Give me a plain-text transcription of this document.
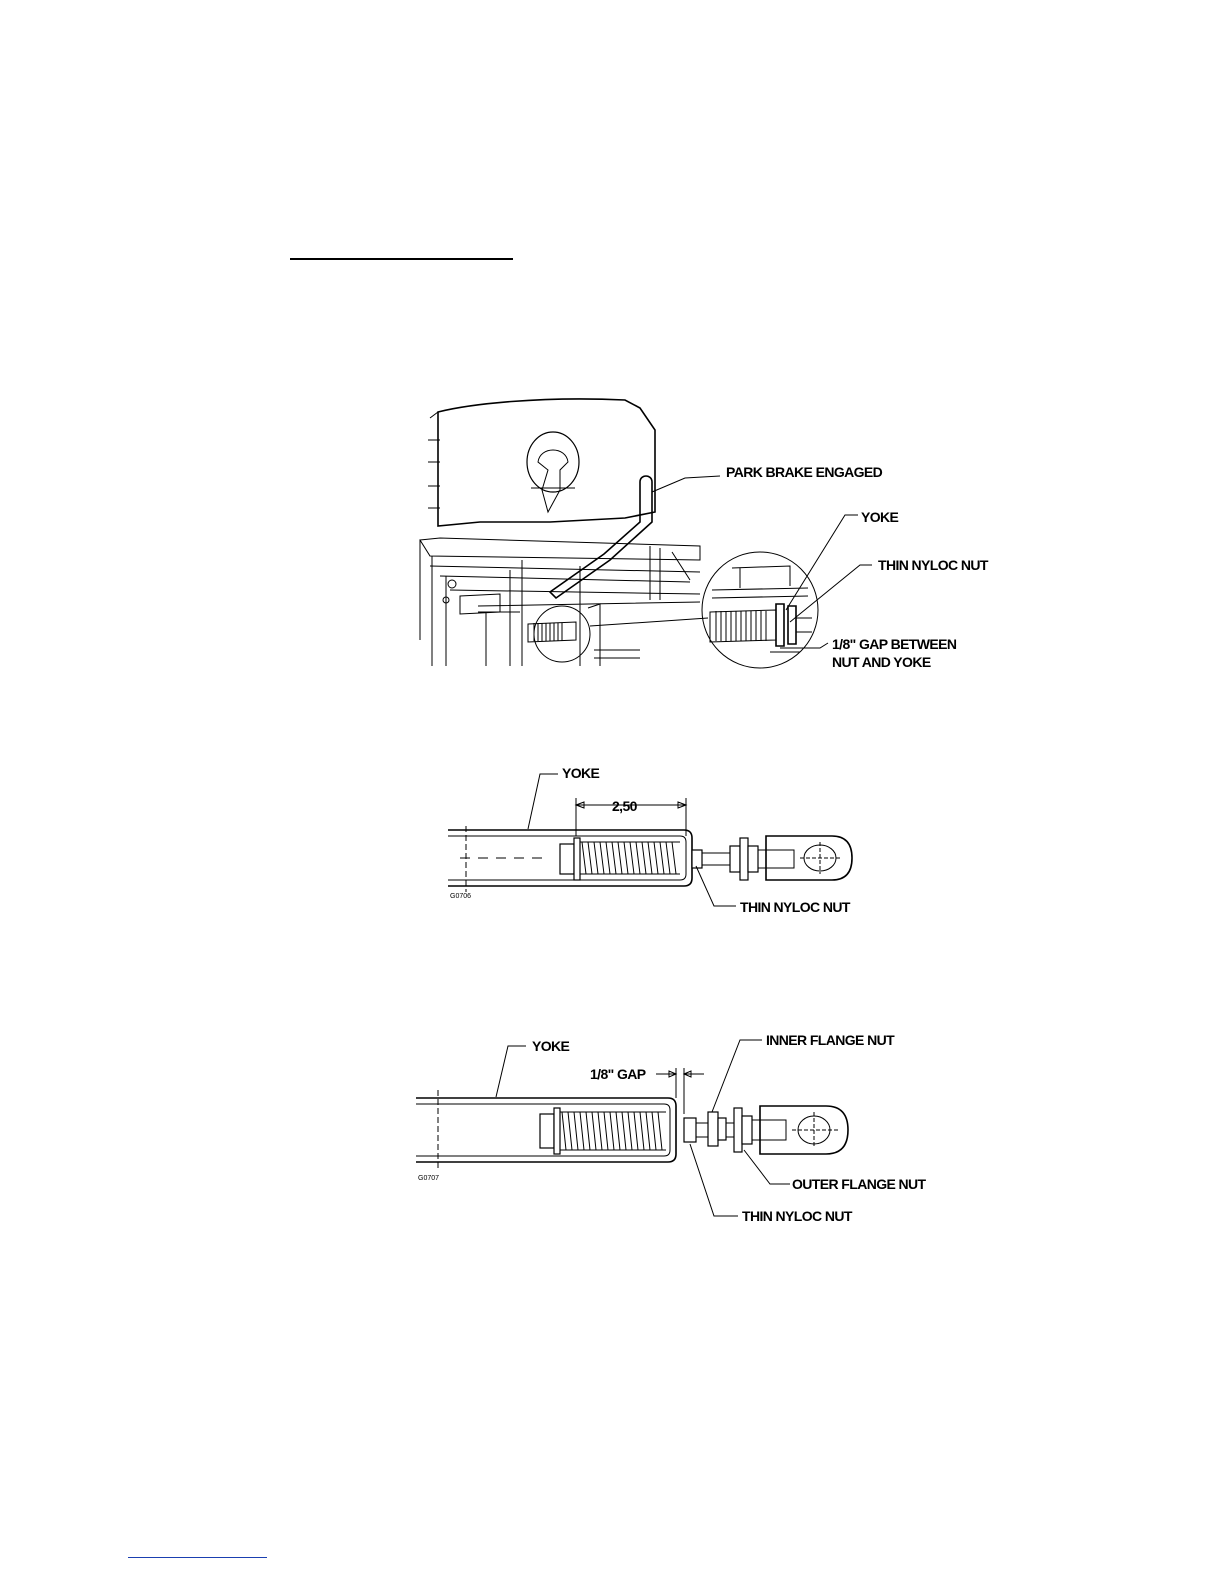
PARK BRAKE ENGAGED
YOKE
THIN NYLOC NUT
1/8" GAP BETWEEN
NUT AND YOKE
YOKE
2,50
THIN NYLOC NUT
G0706
YOKE
1/8" GAP
INNER FLANGE NUT
OUTER FLANGE NUT
THIN NYLOC NUT
G0707
